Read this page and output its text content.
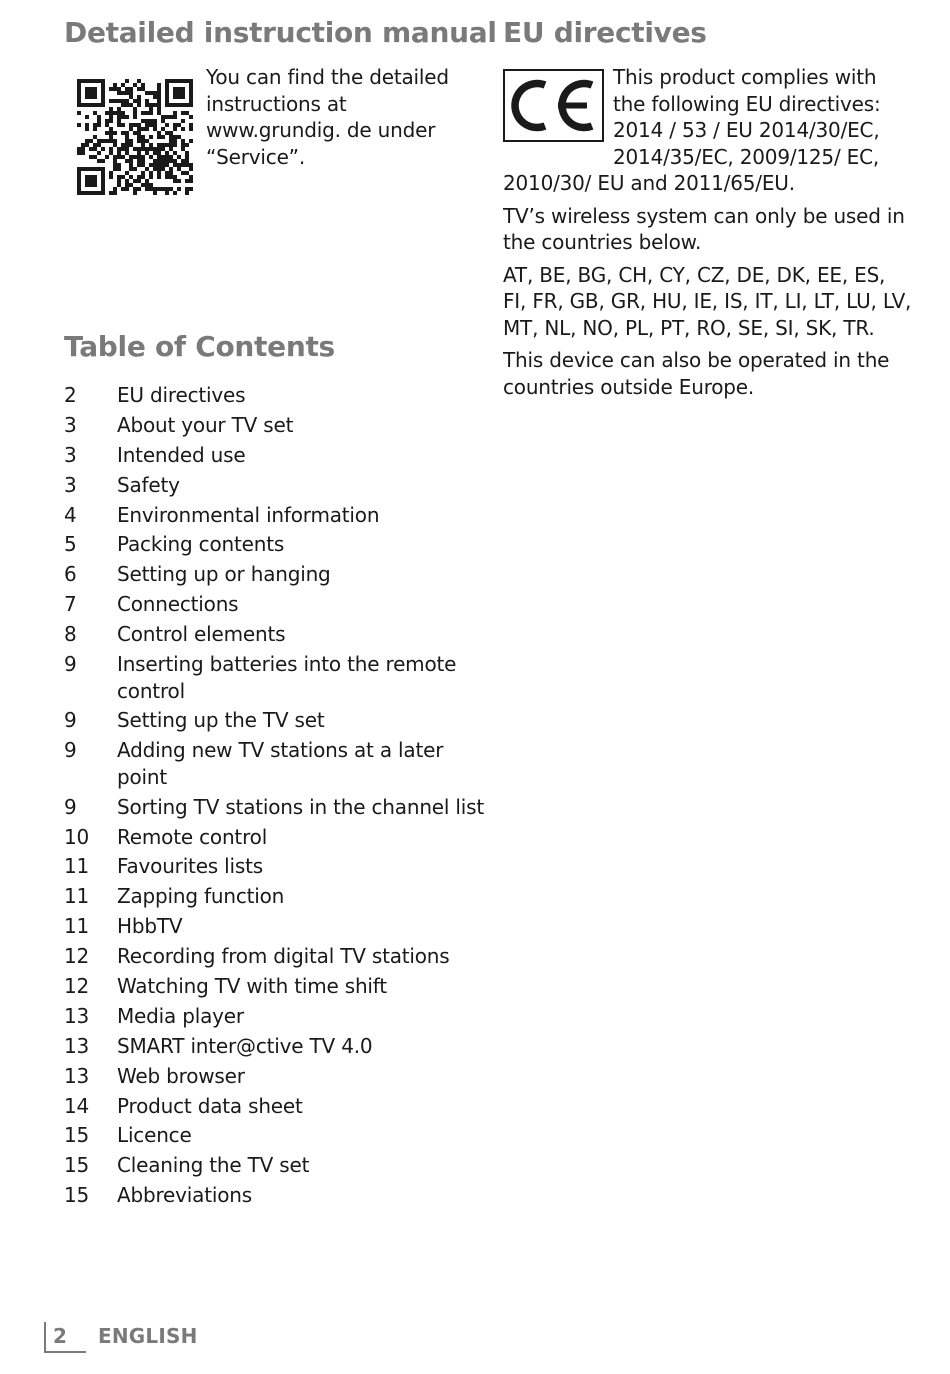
Detailed instruction manual

You can find the detailed instructions at www.grundig. de under “Service”.

Table of Contents
2	EU directives
3	About your TV set
3	Intended use
3	Safety
4	Environmental information
5	Packing contents
6	Setting up or hanging
7	Connections
8	Control elements
9	Inserting batteries into the remote control
9	Setting up the TV set
9	Adding new TV stations at a later point
9	Sorting TV stations in the channel list
10	Remote control
11	Favourites lists
11	Zapping function
11	HbbTV
12	Recording from digital TV stations
12	Watching TV with time shift
13	Media player
13	SMART inter@ctive TV 4.0
13	Web browser
14	Product data sheet
15	Licence
15	Cleaning the TV set
15	Abbreviations
EU directives

This product complies with the following EU directives: 2014 / 53 / EU 2014/30/EC, 2014/35/EC, 2009/125/ EC, 2010/30/ EU and 2011/65/EU.

TV’s wireless system can only be used in the countries below.

AT, BE, BG, CH, CY, CZ, DE, DK, EE, ES, FI, FR, GB, GR, HU, IE, IS, IT, LI, LT, LU, LV, MT, NL, NO, PL, PT, RO, SE, SI, SK, TR.

This device can also be operated in the countries outside Europe.

2 ENGLISH
